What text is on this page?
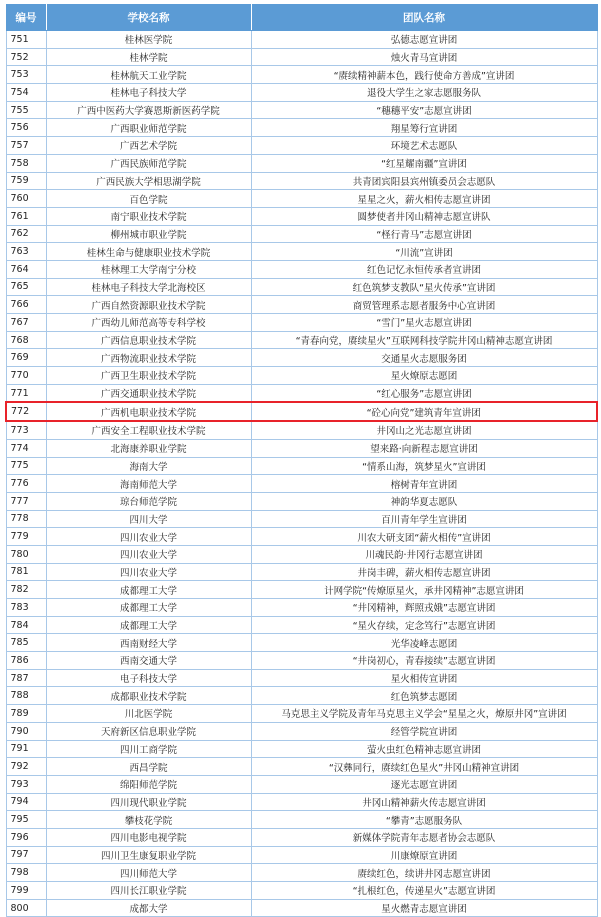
编号	学校名称	团队名称
751	桂林医学院	弘德志愿宣讲团
752	桂林学院	烛火青马宣讲团
753	桂林航天工业学院	“赓续精神薪本色，践行使命方善成”宣讲团
754	桂林电子科技大学	退役大学生之家志愿服务队
755	广西中医药大学赛恩斯新医药学院	“穗穗平安”志愿宣讲团
756	广西职业师范学院	翔星筹行宣讲团
757	广西艺术学院	环境艺术志愿队
758	广西民族师范学院	“红星耀南疆”宣讲团
759	广西民族大学相思湖学院	共青团宾阳县宾州镇委员会志愿队
760	百色学院	星星之火，薪火相传志愿宣讲团
761	南宁职业技术学院	圆梦使者井冈山精神志愿宣讲队
762	柳州城市职业学院	“柽行青马”志愿宣讲团
763	桂林生命与健康职业技术学院	“川流”宣讲团
764	桂林理工大学南宁分校	红色记忆永恒传承者宣讲团
765	桂林电子科技大学北海校区	红色筑梦支教队“星火传承”宣讲团
766	广西自然资源职业技术学院	商贸管理系志愿者服务中心宣讲团
767	广西幼儿师范高等专科学校	“雪门”星火志愿宣讲团
768	广西信息职业技术学院	“青春向党，赓续星火”互联网科技学院井冈山精神志愿宣讲团
769	广西物流职业技术学院	交通星火志愿服务团
770	广西卫生职业技术学院	星火燎原志愿团
771	广西交通职业技术学院	“红心服务”志愿宣讲团
772	广西机电职业技术学院	“砼心向党”建筑青年宣讲团
773	广西安全工程职业技术学院	井冈山之光志愿宣讲团
774	北海康养职业学院	望来路·向新程志愿宣讲团
775	海南大学	“情系山海，筑梦星火”宣讲团
776	海南师范大学	榕树青年宣讲团
777	琼台师范学院	神韵华夏志愿队
778	四川大学	百川青年学生宣讲团
779	四川农业大学	川农大研支团“薪火相传”宣讲团
780	四川农业大学	川魂民韵·井冈行志愿宣讲团
781	四川农业大学	井岗丰碑，薪火相传志愿宣讲团
782	成都理工大学	计网学院“传燎原星火，承井冈精神”志愿宣讲团
783	成都理工大学	“井冈精神，辉照戎娥”志愿宣讲团
784	成都理工大学	“星火存续，定念笃行”志愿宣讲团
785	西南财经大学	光华凌峰志愿团
786	西南交通大学	“井岗初心，青春接续”志愿宣讲团
787	电子科技大学	星火相传宣讲团
788	成都职业技术学院	红色筑梦志愿团
789	川北医学院	马克思主义学院及青年马克思主义学会“星星之火，燎原井冈”宣讲团
790	天府新区信息职业学院	经管学院宣讲团
791	四川工商学院	萤火虫红色精神志愿宣讲团
792	西昌学院	“汉彝同行，赓续红色星火”井冈山精神宣讲团
793	绵阳师范学院	逐光志愿宣讲团
794	四川现代职业学院	井冈山精神薪火传志愿宣讲团
795	攀枝花学院	“攀青”志愿服务队
796	四川电影电视学院	新媒体学院青年志愿者协会志愿队
797	四川卫生康复职业学院	川康燎原宣讲团
798	四川师范大学	赓续红色，续讲井冈志愿宣讲团
799	四川长江职业学院	“扎根红色，传递星火”志愿宣讲团
800	成都大学	星火燃青志愿宣讲团
